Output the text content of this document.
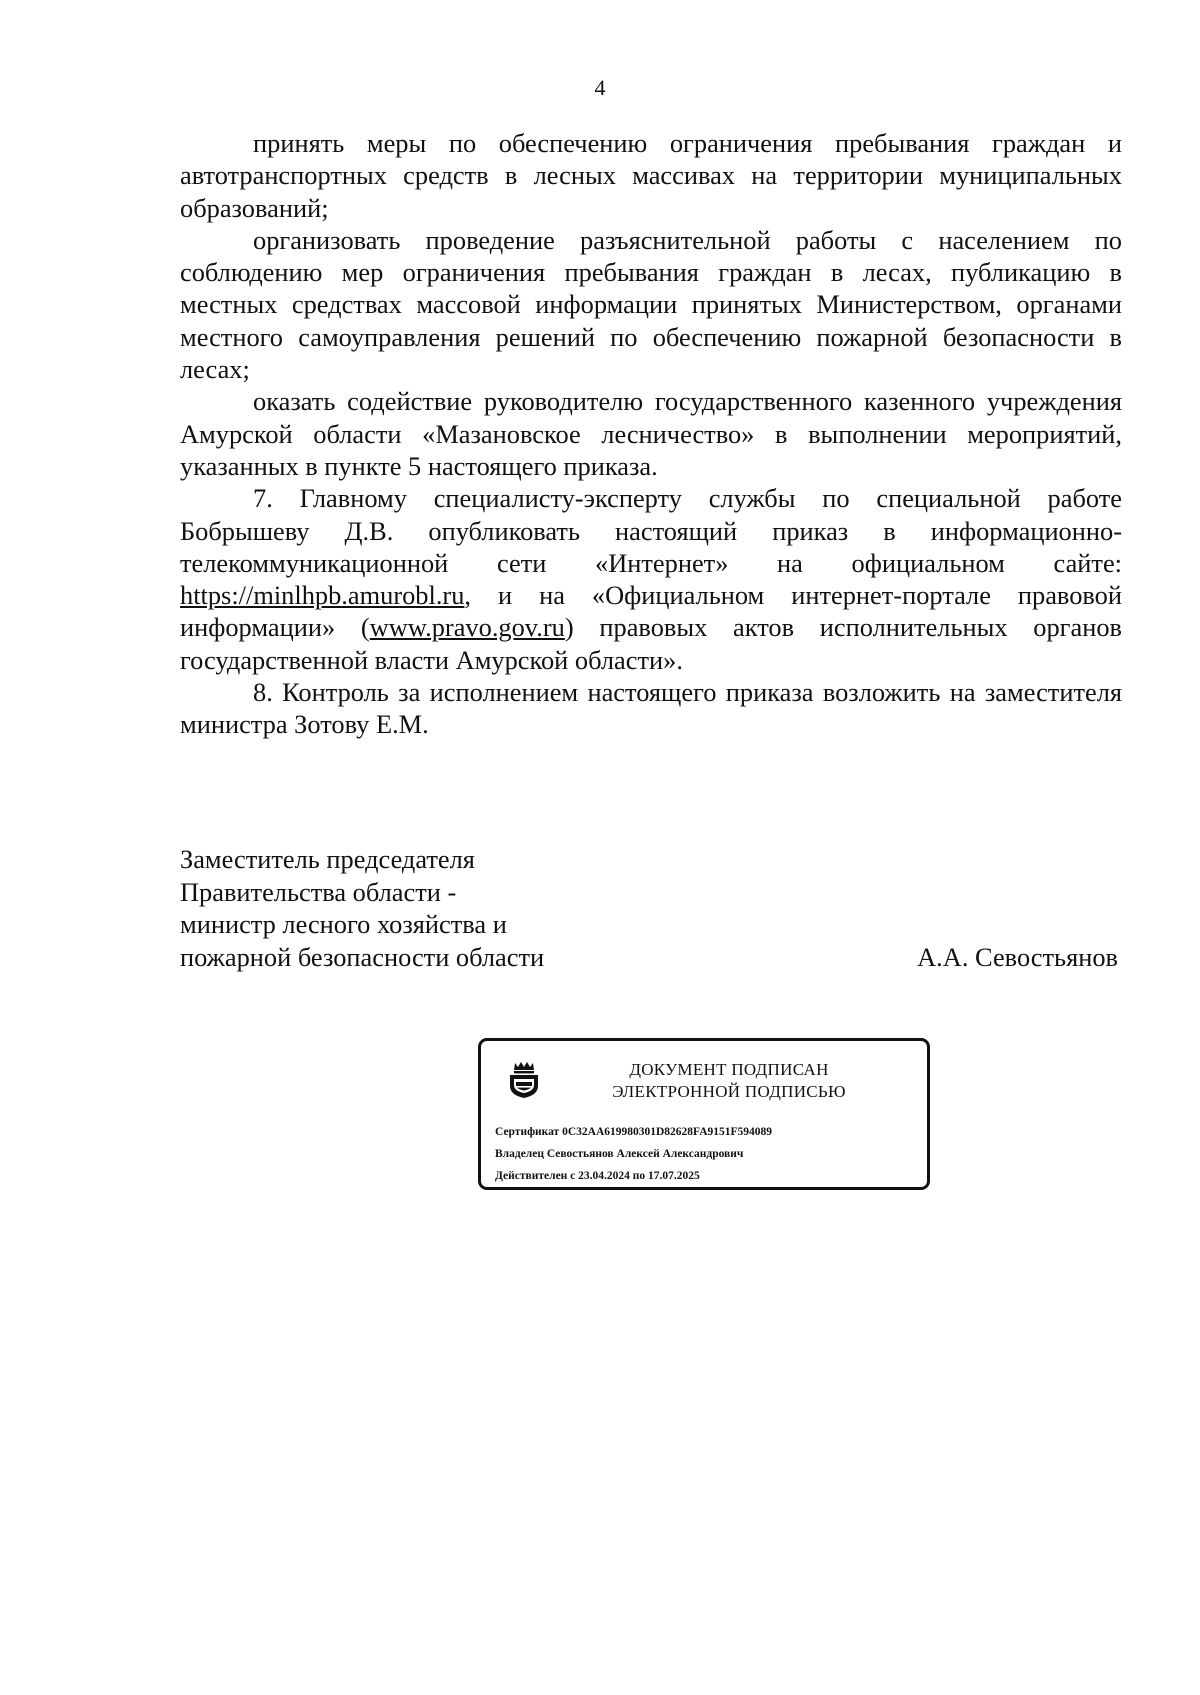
4

принять меры по обеспечению ограничения пребывания граждан и автотранспортных средств в лесных массивах на территории муниципальных образований;

организовать проведение разъяснительной работы с населением по соблюдению мер ограничения пребывания граждан в лесах, публикацию в местных средствах массовой информации принятых Министерством, органами местного самоуправления решений по обеспечению пожарной безопасности в лесах;

оказать содействие руководителю государственного казенного учреждения Амурской области «Мазановское лесничество» в выполнении мероприятий, указанных в пункте 5 настоящего приказа.

7. Главному специалисту-эксперту службы по специальной работе Бобрышеву Д.В. опубликовать настоящий приказ в информационно-телекоммуникационной сети «Интернет» на официальном сайте: https://minlhpb.amurobl.ru, и на «Официальном интернет-портале правовой информации» (www.pravo.gov.ru) правовых актов исполнительных органов государственной власти Амурской области».

8. Контроль за исполнением настоящего приказа возложить на заместителя министра Зотову Е.М.

Заместитель председателя
Правительства области -
министр лесного хозяйства и
пожарной безопасности области	А.А. Севостьянов
ДОКУМЕНТ ПОДПИСАН
ЭЛЕКТРОННОЙ ПОДПИСЬЮ
Сертификат 0C32AA619980301D82628FA9151F594089
Владелец Севостьянов Алексей Александрович
Действителен с 23.04.2024 по 17.07.2025
